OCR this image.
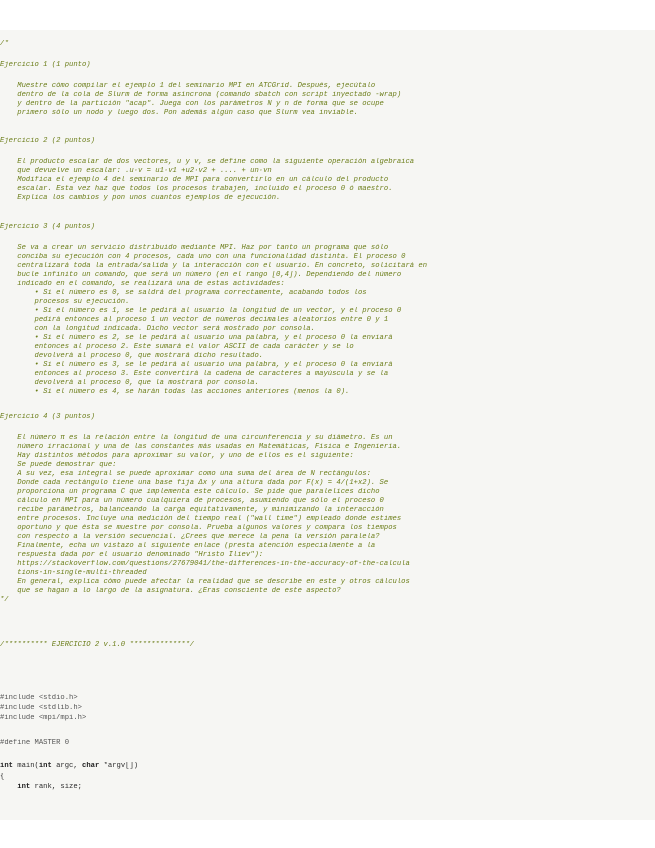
/*
Ejercicio 1 (1 punto)
Muestre cómo compilar el ejemplo 1 del seminario MPI en ATCGrid. Después, ejecútalo
dentro de la cola de Slurm de forma asíncrona (comando sbatch con script inyectado -wrap)
y dentro de la partición "acap". Juega con los parámetros N y n de forma que se ocupe
primero sólo un nodo y luego dos. Pon además algún caso que Slurm vea inviable.
Ejercicio 2 (2 puntos)
El producto escalar de dos vectores, u y v, se define como la siguiente operación algebraica
que devuelve un escalar: .u·v = u1·v1 +u2·v2 + .... + un·vn
Modifica el ejemplo 4 del seminario de MPI para convertirlo en un cálculo del producto
escalar. Esta vez haz que todos los procesos trabajen, incluido el proceso 0 ó maestro.
Explica los cambios y pon unos cuantos ejemplos de ejecución.
Ejercicio 3 (4 puntos)
Se va a crear un servicio distribuido mediante MPI. Haz por tanto un programa que sólo
conciba su ejecución con 4 procesos, cada uno con una funcionalidad distinta. El proceso 0
centralizará toda la entrada/salida y la interacción con el usuario. En concreto, solicitará en
bucle infinito un comando, que será un número (en el rango [0,4]). Dependiendo del número
indicado en el comando, se realizará una de estas actividades:
• Si el número es 0, se saldrá del programa correctamente, acabando todos los
procesos su ejecución.
• Si el número es 1, se le pedirá al usuario la longitud de un vector, y el proceso 0
pedirá entonces al proceso 1 un vector de números decimales aleatorios entre 0 y 1
con la longitud indicada. Dicho vector será mostrado por consola.
• Si el número es 2, se le pedirá al usuario una palabra, y el proceso 0 la enviará
entonces al proceso 2. Éste sumará el valor ASCII de cada carácter y se lo
devolverá al proceso 0, que mostrará dicho resultado.
• Si el número es 3, se le pedirá al usuario una palabra, y el proceso 0 la enviará
entonces al proceso 3. Éste convertirá la cadena de caracteres a mayúscula y se la
devolverá al proceso 0, que la mostrará por consola.
• Si el número es 4, se harán todas las acciones anteriores (menos la 0).
Ejercicio 4 (3 puntos)
El número π es la relación entre la longitud de una circunferencia y su diámetro. Es un
número irracional y una de las constantes más usadas en Matemáticas, Física e Ingeniería.
Hay distintos métodos para aproximar su valor, y uno de ellos es el siguiente:
Se puede demostrar que:
A su vez, esa integral se puede aproximar como una suma del área de N rectángulos:
Donde cada rectángulo tiene una base fija Δx y una altura dada por F(x) = 4/(1+x2). Se
proporciona un programa C que implementa este cálculo. Se pide que paralelices dicho
cálculo en MPI para un número cualquiera de procesos, asumiendo que sólo el proceso 0
recibe parámetros, balanceando la carga equitativamente, y minimizando la interacción
entre procesos. Incluye una medición del tiempo real ("wall time") empleado donde estimes
oportuno y que ésta se muestre por consola. Prueba algunos valores y compara los tiempos
con respecto a la versión secuencial. ¿Crees que merece la pena la versión paralela?
Finalmente, echa un vistazo al siguiente enlace (presta atención especialmente a la
respuesta dada por el usuario denominado "Hristo Iliev"):
https://stackoverflow.com/questions/27679041/the-differences-in-the-accuracy-of-the-calcula
tions-in-single-multi-threaded
En general, explica cómo puede afectar la realidad que se describe en este y otros cálculos
que se hagan a lo largo de la asignatura. ¿Eras consciente de este aspecto?
*/
/********** EJERCICIO 2 v.1.0 **************/
#include <stdio.h>
#include <stdlib.h>
#include <mpi/mpi.h>
#define MASTER 0
int main(int argc, char *argv[])
{
int rank, size;
